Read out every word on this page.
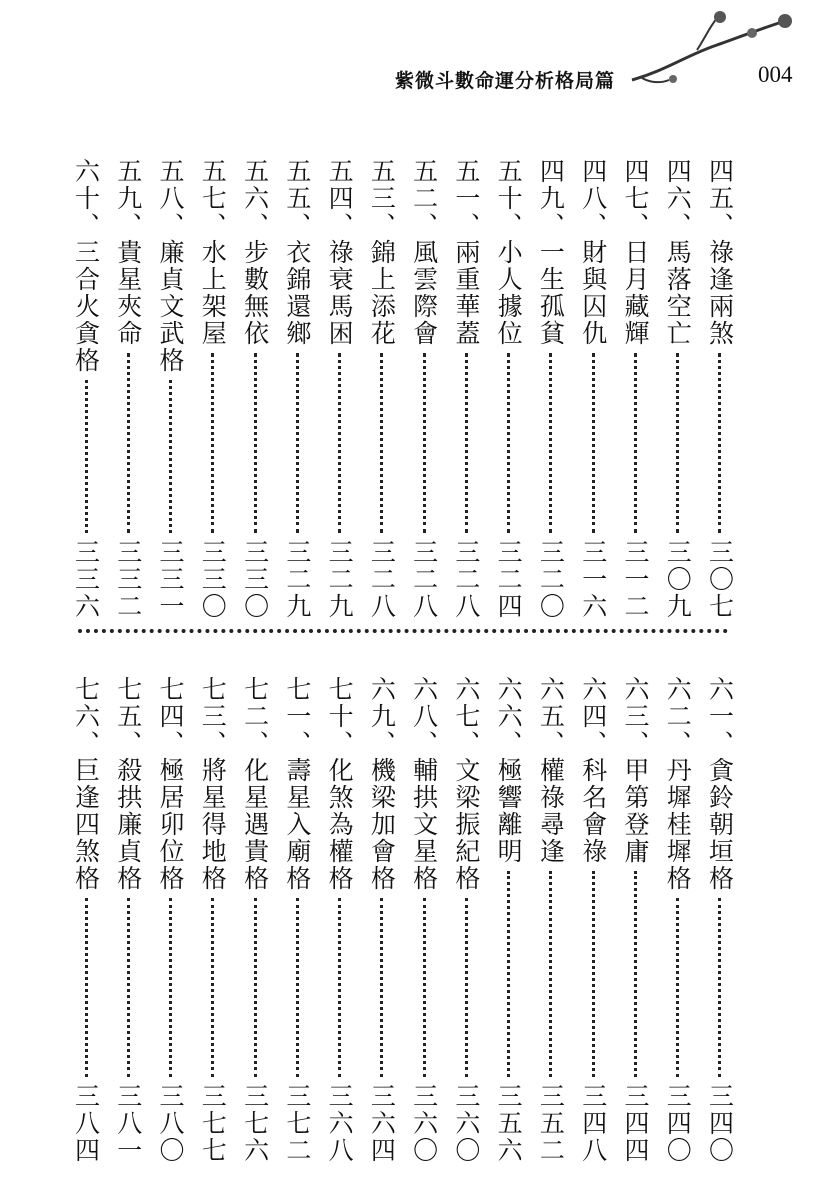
紫微斗數命運分析格局篇	004
四五、祿逢兩煞
三〇七
四六、馬落空亡
三〇九
四七、日月藏輝
三一二
四八、財與囚仇
三一六
四九、一生孤貧
三二〇
五十、小人據位
三二四
五一、兩重華蓋
三二八
五二、風雲際會
三二八
五三、錦上添花
三二八
五四、祿衰馬困
三二九
五五、衣錦還鄉
三二九
五六、步數無依
三三〇
五七、水上架屋
三三〇
五八、廉貞文武格
三三一
五九、貴星夾命
三三二
六十、三合火貪格
三三六
六一、貪鈴朝垣格
三四〇
六二、丹墀桂墀格
三四〇
六三、甲第登庸
三四四
六四、科名會祿
三四八
六五、權祿尋逢
三五二
六六、極響離明
三五六
六七、文梁振紀格
三六〇
六八、輔拱文星格
三六〇
六九、機梁加會格
三六四
七十、化煞為權格
三六八
七一、壽星入廟格
三七二
七二、化星遇貴格
三七六
七三、將星得地格
三七七
七四、極居卯位格
三八〇
七五、殺拱廉貞格
三八一
七六、巨逢四煞格
三八四
